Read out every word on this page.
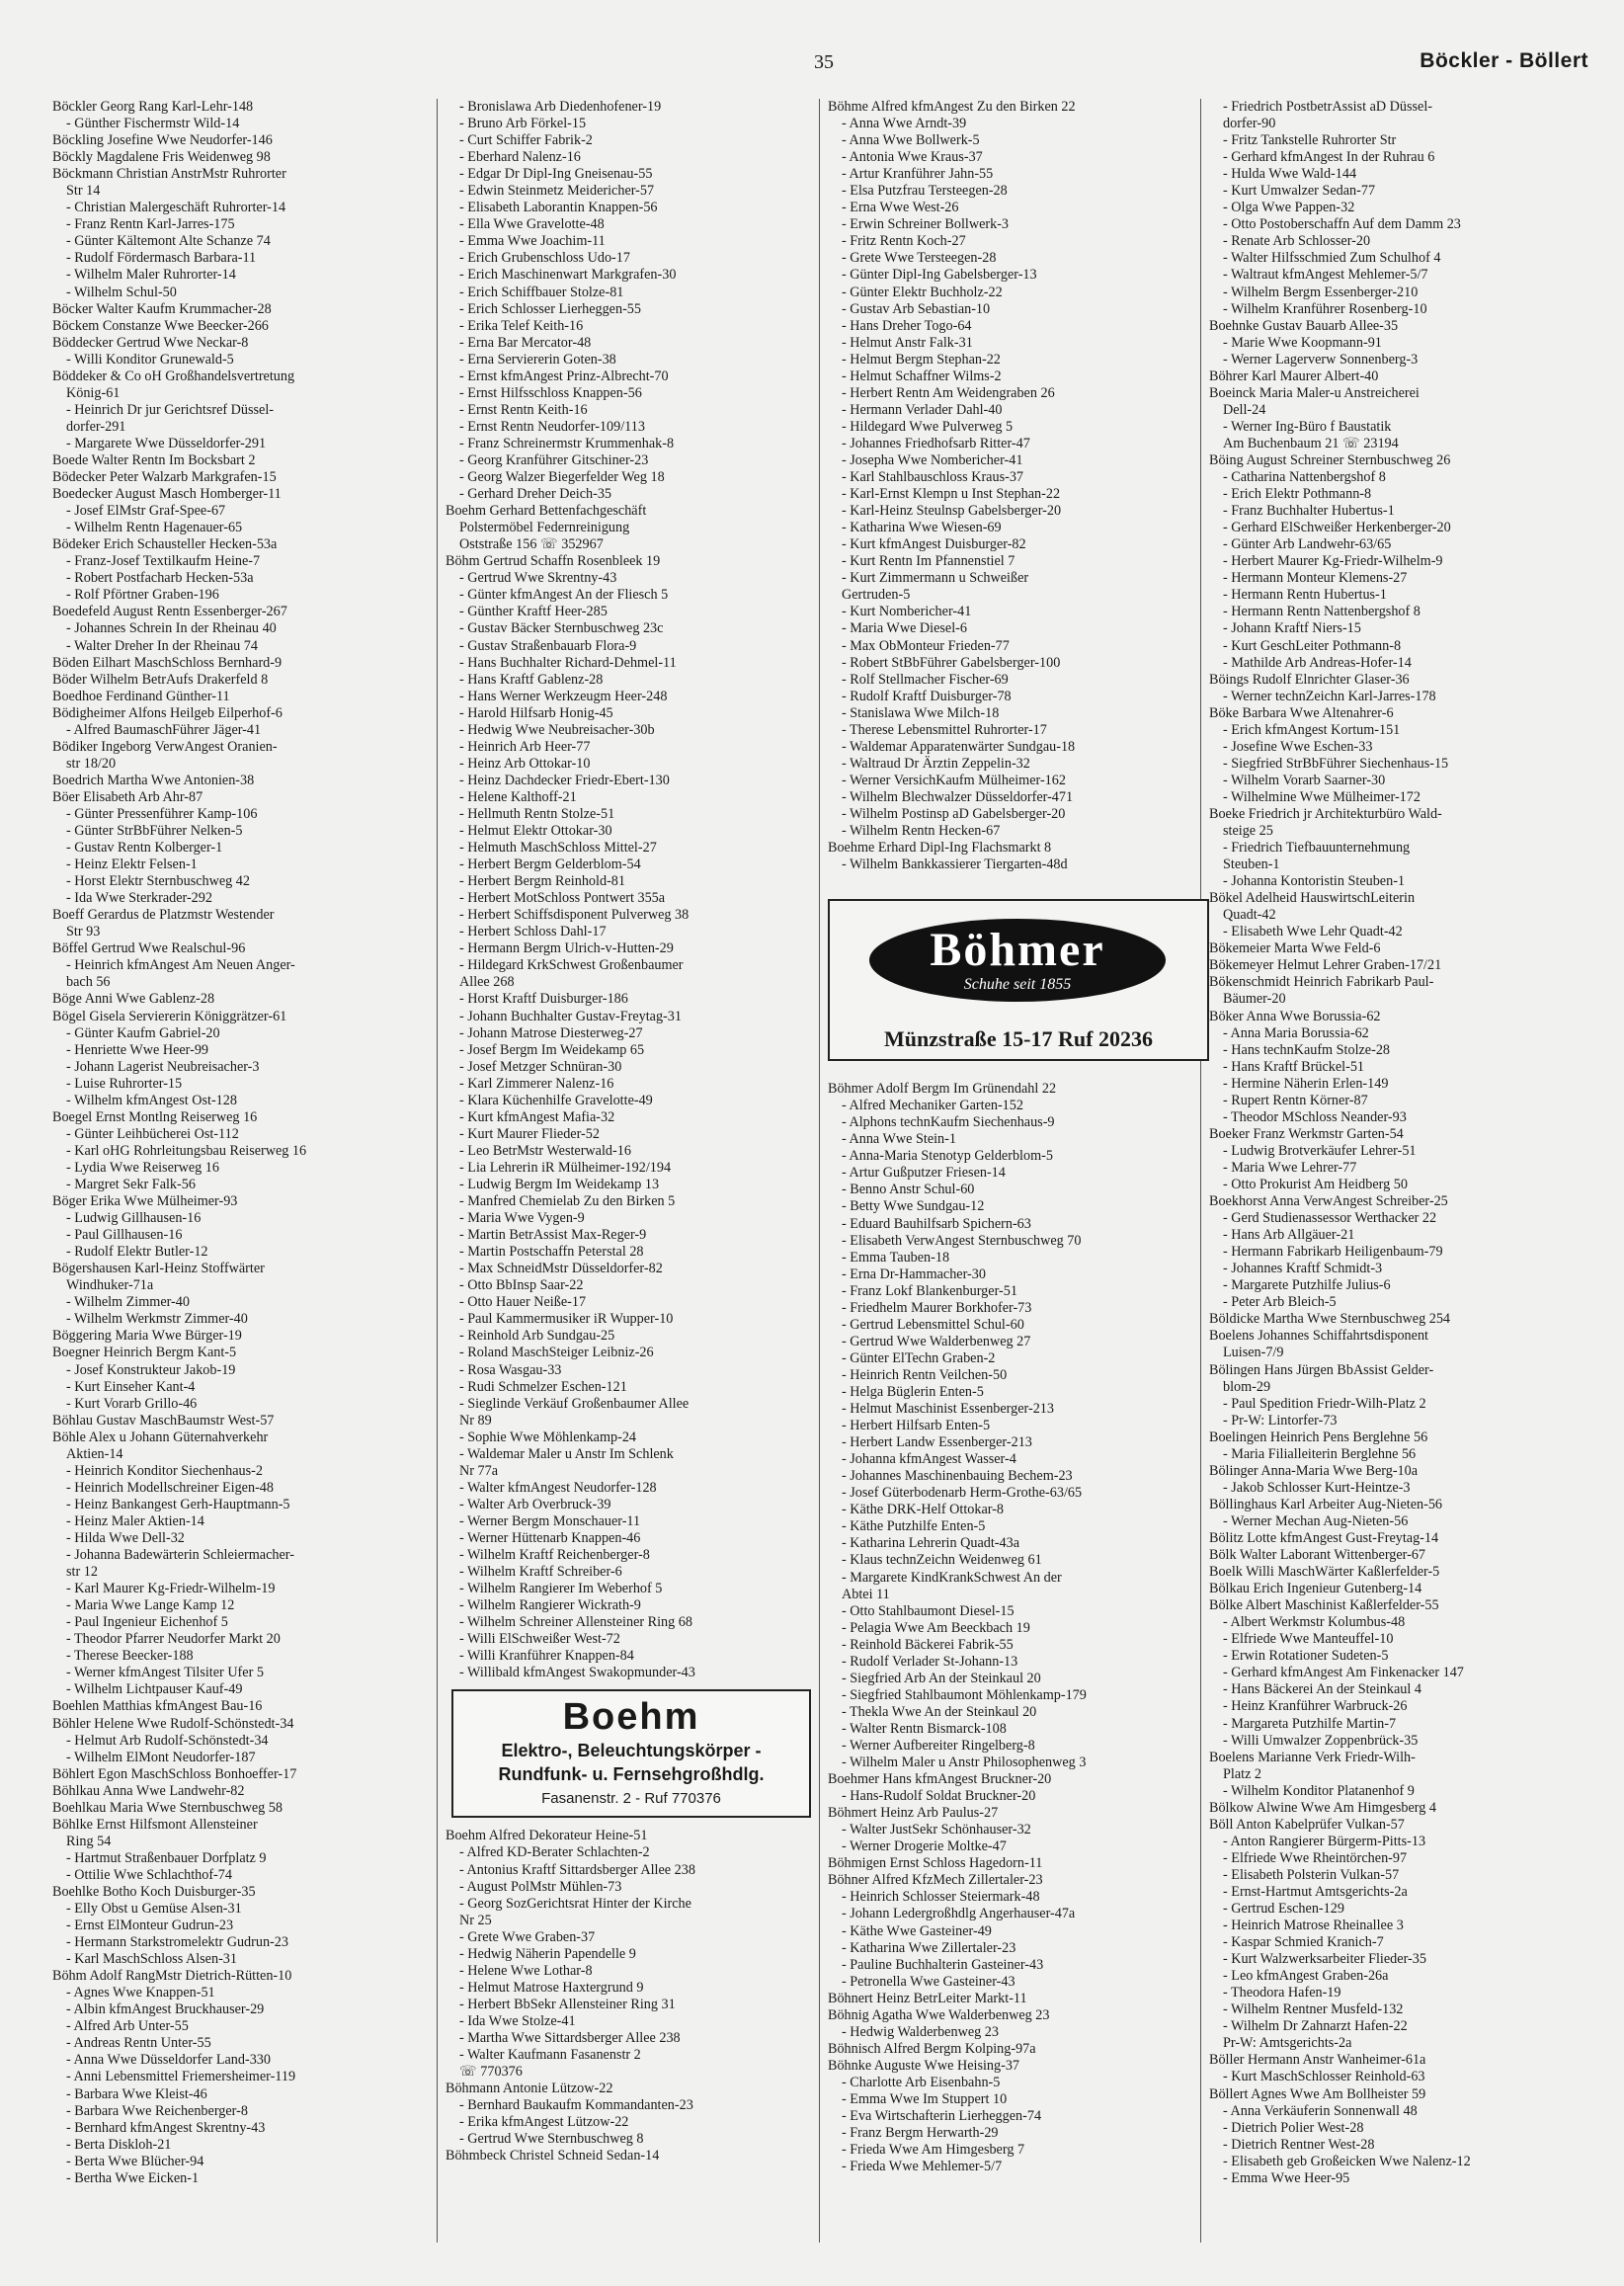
35	Böckler - Böllert
Böckler Georg Rang Karl-Lehr-148
- Günther Fischermstr Wild-14
Böckling Josefine Wwe Neudorfer-146
Böckly Magdalene Fris Weidenweg 98
Böckmann Christian AnstrMstr Ruhrorter
Str 14
- Christian Malergeschäft Ruhrorter-14
- Franz Rentn Karl-Jarres-175
- Günter Kältemont Alte Schanze 74
- Rudolf Fördermasch Barbara-11
- Wilhelm Maler Ruhrorter-14
- Wilhelm Schul-50
Böcker Walter Kaufm Krummacher-28
Böckem Constanze Wwe Beecker-266
Böddecker Gertrud Wwe Neckar-8
- Willi Konditor Grunewald-5
Böddeker & Co oH Großhandelsvertretung
König-61
- Heinrich Dr jur Gerichtsref Düssel-
dorfer-291
- Margarete Wwe Düsseldorfer-291
Boede Walter Rentn Im Bocksbart 2
Bödecker Peter Walzarb Markgrafen-15
Boedecker August Masch Homberger-11
- Josef ElMstr Graf-Spee-67
- Wilhelm Rentn Hagenauer-65
Bödeker Erich Schausteller Hecken-53a
- Franz-Josef Textilkaufm Heine-7
- Robert Postfacharb Hecken-53a
- Rolf Pförtner Graben-196
Boedefeld August Rentn Essenberger-267
- Johannes Schrein In der Rheinau 40
- Walter Dreher In der Rheinau 74
Böden Eilhart MaschSchloss Bernhard-9
Böder Wilhelm BetrAufs Drakerfeld 8
Boedhoe Ferdinand Günther-11
Bödigheimer Alfons Heilgeb Eilperhof-6
- Alfred BaumaschFührer Jäger-41
Bödiker Ingeborg VerwAngest Oranien-
str 18/20
Boedrich Martha Wwe Antonien-38
Böer Elisabeth Arb Ahr-87
- Günter Pressenführer Kamp-106
- Günter StrBbFührer Nelken-5
- Gustav Rentn Kolberger-1
- Heinz Elektr Felsen-1
- Horst Elektr Sternbuschweg 42
- Ida Wwe Sterkrader-292
Boeff Gerardus de Platzmstr Westender
Str 93
Böffel Gertrud Wwe Realschul-96
- Heinrich kfmAngest Am Neuen Anger-
bach 56
Böge Anni Wwe Gablenz-28
Bögel Gisela Serviererin Königgrätzer-61
- Günter Kaufm Gabriel-20
- Henriette Wwe Heer-99
- Johann Lagerist Neubreisacher-3
- Luise Ruhrorter-15
- Wilhelm kfmAngest Ost-128
Boegel Ernst Montlng Reiserweg 16
- Günter Leihbücherei Ost-112
- Karl oHG Rohrleitungsbau Reiserweg 16
- Lydia Wwe Reiserweg 16
- Margret Sekr Falk-56
Böger Erika Wwe Mülheimer-93
- Ludwig Gillhausen-16
- Paul Gillhausen-16
- Rudolf Elektr Butler-12
Bögershausen Karl-Heinz Stoffwärter
Windhuker-71a
- Wilhelm Zimmer-40
- Wilhelm Werkmstr Zimmer-40
Böggering Maria Wwe Bürger-19
Boegner Heinrich Bergm Kant-5
- Josef Konstrukteur Jakob-19
- Kurt Einseher Kant-4
- Kurt Vorarb Grillo-46
Böhlau Gustav MaschBaumstr West-57
Böhle Alex u Johann Güternahverkehr
Aktien-14
- Heinrich Konditor Siechenhaus-2
- Heinrich Modellschreiner Eigen-48
- Heinz Bankangest Gerh-Hauptmann-5
- Heinz Maler Aktien-14
- Hilda Wwe Dell-32
- Johanna Badewärterin Schleiermacher-
str 12
- Karl Maurer Kg-Friedr-Wilhelm-19
- Maria Wwe Lange Kamp 12
- Paul Ingenieur Eichenhof 5
- Theodor Pfarrer Neudorfer Markt 20
- Therese Beecker-188
- Werner kfmAngest Tilsiter Ufer 5
- Wilhelm Lichtpauser Kauf-49
Boehlen Matthias kfmAngest Bau-16
Böhler Helene Wwe Rudolf-Schönstedt-34
- Helmut Arb Rudolf-Schönstedt-34
- Wilhelm ElMont Neudorfer-187
Böhlert Egon MaschSchloss Bonhoeffer-17
Böhlkau Anna Wwe Landwehr-82
Boehlkau Maria Wwe Sternbuschweg 58
Böhlke Ernst Hilfsmont Allensteiner
Ring 54
- Hartmut Straßenbauer Dorfplatz 9
- Ottilie Wwe Schlachthof-74
Boehlke Botho Koch Duisburger-35
- Elly Obst u Gemüse Alsen-31
- Ernst ElMonteur Gudrun-23
- Hermann Starkstromelektr Gudrun-23
- Karl MaschSchloss Alsen-31
Böhm Adolf RangMstr Dietrich-Rütten-10
- Agnes Wwe Knappen-51
- Albin kfmAngest Bruckhauser-29
- Alfred Arb Unter-55
- Andreas Rentn Unter-55
- Anna Wwe Düsseldorfer Land-330
- Anni Lebensmittel Friemersheimer-119
- Barbara Wwe Kleist-46
- Barbara Wwe Reichenberger-8
- Bernhard kfmAngest Skrentny-43
- Berta Diskloh-21
- Berta Wwe Blücher-94
- Bertha Wwe Eicken-1
- Bronislawa Arb Diedenhofener-19
- Bruno Arb Förkel-15
- Curt Schiffer Fabrik-2
- Eberhard Nalenz-16
- Edgar Dr Dipl-Ing Gneisenau-55
- Edwin Steinmetz Meidericher-57
- Elisabeth Laborantin Knappen-56
- Ella Wwe Gravelotte-48
- Emma Wwe Joachim-11
- Erich Grubenschloss Udo-17
- Erich Maschinenwart Markgrafen-30
- Erich Schiffbauer Stolze-81
- Erich Schlosser Lierheggen-55
- Erika Telef Keith-16
- Erna Bar Mercator-48
- Erna Serviererin Goten-38
- Ernst kfmAngest Prinz-Albrecht-70
- Ernst Hilfsschloss Knappen-56
- Ernst Rentn Keith-16
- Ernst Rentn Neudorfer-109/113
- Franz Schreinermstr Krummenhak-8
- Georg Kranführer Gitschiner-23
- Georg Walzer Biegerfelder Weg 18
- Gerhard Dreher Deich-35
Boehm Gerhard Bettenfachgeschäft
Polstermöbel Federnreinigung
Oststraße 156 ☏ 352967
Böhm Gertrud Schaffn Rosenbleek 19
- Gertrud Wwe Skrentny-43
- Günter kfmAngest An der Fliesch 5
- Günther Kraftf Heer-285
- Gustav Bäcker Sternbuschweg 23c
- Gustav Straßenbauarb Flora-9
- Hans Buchhalter Richard-Dehmel-11
- Hans Kraftf Gablenz-28
- Hans Werner Werkzeugm Heer-248
- Harold Hilfsarb Honig-45
- Hedwig Wwe Neubreisacher-30b
- Heinrich Arb Heer-77
- Heinz Arb Ottokar-10
- Heinz Dachdecker Friedr-Ebert-130
- Helene Kalthoff-21
- Hellmuth Rentn Stolze-51
- Helmut Elektr Ottokar-30
- Helmuth MaschSchloss Mittel-27
- Herbert Bergm Gelderblom-54
- Herbert Bergm Reinhold-81
- Herbert MotSchloss Pontwert 355a
- Herbert Schiffsdisponent Pulverweg 38
- Herbert Schloss Dahl-17
- Hermann Bergm Ulrich-v-Hutten-29
- Hildegard KrkSchwest Großenbaumer
Allee 268
- Horst Kraftf Duisburger-186
- Johann Buchhalter Gustav-Freytag-31
- Johann Matrose Diesterweg-27
- Josef Bergm Im Weidekamp 65
- Josef Metzger Schnüran-30
- Karl Zimmerer Nalenz-16
- Klara Küchenhilfe Gravelotte-49
- Kurt kfmAngest Mafia-32
- Kurt Maurer Flieder-52
- Leo BetrMstr Westerwald-16
- Lia Lehrerin iR Mülheimer-192/194
- Ludwig Bergm Im Weidekamp 13
- Manfred Chemielab Zu den Birken 5
- Maria Wwe Vygen-9
- Martin BetrAssist Max-Reger-9
- Martin Postschaffn Peterstal 28
- Max SchneidMstr Düsseldorfer-82
- Otto BbInsp Saar-22
- Otto Hauer Neiße-17
- Paul Kammermusiker iR Wupper-10
- Reinhold Arb Sundgau-25
- Roland MaschSteiger Leibniz-26
- Rosa Wasgau-33
- Rudi Schmelzer Eschen-121
- Sieglinde Verkäuf Großenbaumer Allee
Nr 89
- Sophie Wwe Möhlenkamp-24
- Waldemar Maler u Anstr Im Schlenk
Nr 77a
- Walter kfmAngest Neudorfer-128
- Walter Arb Overbruck-39
- Werner Bergm Monschauer-11
- Werner Hüttenarb Knappen-46
- Wilhelm Kraftf Reichenberger-8
- Wilhelm Kraftf Schreiber-6
- Wilhelm Rangierer Im Weberhof 5
- Wilhelm Rangierer Wickrath-9
- Wilhelm Schreiner Allensteiner Ring 68
- Willi ElSchweißer West-72
- Willi Kranführer Knappen-84
- Willibald kfmAngest Swakopmunder-43
Boehm
Elektro-, Beleuchtungskörper -
Rundfunk- u. Fernsehgroßhdlg.
Fasanenstr. 2 - Ruf 770376
Boehm Alfred Dekorateur Heine-51
- Alfred KD-Berater Schlachten-2
- Antonius Kraftf Sittardsberger Allee 238
- August PolMstr Mühlen-73
- Georg SozGerichtsrat Hinter der Kirche
Nr 25
- Grete Wwe Graben-37
- Hedwig Näherin Papendelle 9
- Helene Wwe Lothar-8
- Helmut Matrose Haxtergrund 9
- Herbert BbSekr Allensteiner Ring 31
- Ida Wwe Stolze-41
- Martha Wwe Sittardsberger Allee 238
- Walter Kaufmann Fasanenstr 2
☏ 770376
Böhmann Antonie Lützow-22
- Bernhard Baukaufm Kommandanten-23
- Erika kfmAngest Lützow-22
- Gertrud Wwe Sternbuschweg 8
Böhmbeck Christel Schneid Sedan-14
Böhme Alfred kfmAngest Zu den Birken 22
- Anna Wwe Arndt-39
- Anna Wwe Bollwerk-5
- Antonia Wwe Kraus-37
- Artur Kranführer Jahn-55
- Elsa Putzfrau Tersteegen-28
- Erna Wwe West-26
- Erwin Schreiner Bollwerk-3
- Fritz Rentn Koch-27
- Grete Wwe Tersteegen-28
- Günter Dipl-Ing Gabelsberger-13
- Günter Elektr Buchholz-22
- Gustav Arb Sebastian-10
- Hans Dreher Togo-64
- Helmut Anstr Falk-31
- Helmut Bergm Stephan-22
- Helmut Schaffner Wilms-2
- Herbert Rentn Am Weidengraben 26
- Hermann Verlader Dahl-40
- Hildegard Wwe Pulverweg 5
- Johannes Friedhofsarb Ritter-47
- Josepha Wwe Nombericher-41
- Karl Stahlbauschloss Kraus-37
- Karl-Ernst Klempn u Inst Stephan-22
- Karl-Heinz Steulnsp Gabelsberger-20
- Katharina Wwe Wiesen-69
- Kurt kfmAngest Duisburger-82
- Kurt Rentn Im Pfannenstiel 7
- Kurt Zimmermann u Schweißer
Gertruden-5
- Kurt Nombericher-41
- Maria Wwe Diesel-6
- Max ObMonteur Frieden-77
- Robert StBbFührer Gabelsberger-100
- Rolf Stellmacher Fischer-69
- Rudolf Kraftf Duisburger-78
- Stanislawa Wwe Milch-18
- Therese Lebensmittel Ruhrorter-17
- Waldemar Apparatenwärter Sundgau-18
- Waltraud Dr Ärztin Zeppelin-32
- Werner VersichKaufm Mülheimer-162
- Wilhelm Blechwalzer Düsseldorfer-471
- Wilhelm Postinsp aD Gabelsberger-20
- Wilhelm Rentn Hecken-67
Boehme Erhard Dipl-Ing Flachsmarkt 8
- Wilhelm Bankkassierer Tiergarten-48d
Böhmer
Schuhe seit 1855
Münzstraße 15-17 Ruf 20236
Böhmer Adolf Bergm Im Grünendahl 22
- Alfred Mechaniker Garten-152
- Alphons technKaufm Siechenhaus-9
- Anna Wwe Stein-1
- Anna-Maria Stenotyp Gelderblom-5
- Artur Gußputzer Friesen-14
- Benno Anstr Schul-60
- Betty Wwe Sundgau-12
- Eduard Bauhilfsarb Spichern-63
- Elisabeth VerwAngest Sternbuschweg 70
- Emma Tauben-18
- Erna Dr-Hammacher-30
- Franz Lokf Blankenburger-51
- Friedhelm Maurer Borkhofer-73
- Gertrud Lebensmittel Schul-60
- Gertrud Wwe Walderbenweg 27
- Günter ElTechn Graben-2
- Heinrich Rentn Veilchen-50
- Helga Büglerin Enten-5
- Helmut Maschinist Essenberger-213
- Herbert Hilfsarb Enten-5
- Herbert Landw Essenberger-213
- Johanna kfmAngest Wasser-4
- Johannes Maschinenbauing Bechem-23
- Josef Güterbodenarb Herm-Grothe-63/65
- Käthe DRK-Helf Ottokar-8
- Käthe Putzhilfe Enten-5
- Katharina Lehrerin Quadt-43a
- Klaus technZeichn Weidenweg 61
- Margarete KindKrankSchwest An der
Abtei 11
- Otto Stahlbaumont Diesel-15
- Pelagia Wwe Am Beeckbach 19
- Reinhold Bäckerei Fabrik-55
- Rudolf Verlader St-Johann-13
- Siegfried Arb An der Steinkaul 20
- Siegfried Stahlbaumont Möhlenkamp-179
- Thekla Wwe An der Steinkaul 20
- Walter Rentn Bismarck-108
- Werner Aufbereiter Ringelberg-8
- Wilhelm Maler u Anstr Philosophenweg 3
Boehmer Hans kfmAngest Bruckner-20
- Hans-Rudolf Soldat Bruckner-20
Böhmert Heinz Arb Paulus-27
- Walter JustSekr Schönhauser-32
- Werner Drogerie Moltke-47
Böhmigen Ernst Schloss Hagedorn-11
Böhner Alfred KfzMech Zillertaler-23
- Heinrich Schlosser Steiermark-48
- Johann Ledergroßhdlg Angerhauser-47a
- Käthe Wwe Gasteiner-49
- Katharina Wwe Zillertaler-23
- Pauline Buchhalterin Gasteiner-43
- Petronella Wwe Gasteiner-43
Böhnert Heinz BetrLeiter Markt-11
Böhnig Agatha Wwe Walderbenweg 23
- Hedwig Walderbenweg 23
Böhnisch Alfred Bergm Kolping-97a
Böhnke Auguste Wwe Heising-37
- Charlotte Arb Eisenbahn-5
- Emma Wwe Im Stuppert 10
- Eva Wirtschafterin Lierheggen-74
- Franz Bergm Herwarth-29
- Frieda Wwe Am Himgesberg 7
- Frieda Wwe Mehlemer-5/7
- Friedrich PostbetrAssist aD Düssel-
dorfer-90
- Fritz Tankstelle Ruhrorter Str
- Gerhard kfmAngest In der Ruhrau 6
- Hulda Wwe Wald-144
- Kurt Umwalzer Sedan-77
- Olga Wwe Pappen-32
- Otto Postoberschaffn Auf dem Damm 23
- Renate Arb Schlosser-20
- Walter Hilfsschmied Zum Schulhof 4
- Waltraut kfmAngest Mehlemer-5/7
- Wilhelm Bergm Essenberger-210
- Wilhelm Kranführer Rosenberg-10
Boehnke Gustav Bauarb Allee-35
- Marie Wwe Koopmann-91
- Werner Lagerverw Sonnenberg-3
Böhrer Karl Maurer Albert-40
Boeinck Maria Maler-u Anstreicherei
Dell-24
- Werner Ing-Büro f Baustatik
Am Buchenbaum 21 ☏ 23194
Böing August Schreiner Sternbuschweg 26
- Catharina Nattenbergshof 8
- Erich Elektr Pothmann-8
- Franz Buchhalter Hubertus-1
- Gerhard ElSchweißer Herkenberger-20
- Günter Arb Landwehr-63/65
- Herbert Maurer Kg-Friedr-Wilhelm-9
- Hermann Monteur Klemens-27
- Hermann Rentn Hubertus-1
- Hermann Rentn Nattenbergshof 8
- Johann Kraftf Niers-15
- Kurt GeschLeiter Pothmann-8
- Mathilde Arb Andreas-Hofer-14
Böings Rudolf Elnrichter Glaser-36
- Werner technZeichn Karl-Jarres-178
Böke Barbara Wwe Altenahrer-6
- Erich kfmAngest Kortum-151
- Josefine Wwe Eschen-33
- Siegfried StrBbFührer Siechenhaus-15
- Wilhelm Vorarb Saarner-30
- Wilhelmine Wwe Mülheimer-172
Boeke Friedrich jr Architekturbüro Wald-
steige 25
- Friedrich Tiefbauunternehmung
Steuben-1
- Johanna Kontoristin Steuben-1
Bökel Adelheid HauswirtschLeiterin
Quadt-42
- Elisabeth Wwe Lehr Quadt-42
Bökemeier Marta Wwe Feld-6
Bökemeyer Helmut Lehrer Graben-17/21
Bökenschmidt Heinrich Fabrikarb Paul-
Bäumer-20
Böker Anna Wwe Borussia-62
- Anna Maria Borussia-62
- Hans technKaufm Stolze-28
- Hans Kraftf Brückel-51
- Hermine Näherin Erlen-149
- Rupert Rentn Körner-87
- Theodor MSchloss Neander-93
Boeker Franz Werkmstr Garten-54
- Ludwig Brotverkäufer Lehrer-51
- Maria Wwe Lehrer-77
- Otto Prokurist Am Heidberg 50
Boekhorst Anna VerwAngest Schreiber-25
- Gerd Studienassessor Werthacker 22
- Hans Arb Allgäuer-21
- Hermann Fabrikarb Heiligenbaum-79
- Johannes Kraftf Schmidt-3
- Margarete Putzhilfe Julius-6
- Peter Arb Bleich-5
Böldicke Martha Wwe Sternbuschweg 254
Boelens Johannes Schiffahrtsdisponent
Luisen-7/9
Bölingen Hans Jürgen BbAssist Gelder-
blom-29
- Paul Spedition Friedr-Wilh-Platz 2
- Pr-W: Lintorfer-73
Boelingen Heinrich Pens Berglehne 56
- Maria Filialleiterin Berglehne 56
Bölinger Anna-Maria Wwe Berg-10a
- Jakob Schlosser Kurt-Heintze-3
Böllinghaus Karl Arbeiter Aug-Nieten-56
- Werner Mechan Aug-Nieten-56
Bölitz Lotte kfmAngest Gust-Freytag-14
Bölk Walter Laborant Wittenberger-67
Boelk Willi MaschWärter Kaßlerfelder-5
Bölkau Erich Ingenieur Gutenberg-14
Bölke Albert Maschinist Kaßlerfelder-55
- Albert Werkmstr Kolumbus-48
- Elfriede Wwe Manteuffel-10
- Erwin Rotationer Sudeten-5
- Gerhard kfmAngest Am Finkenacker 147
- Hans Bäckerei An der Steinkaul 4
- Heinz Kranführer Warbruck-26
- Margareta Putzhilfe Martin-7
- Willi Umwalzer Zoppenbrück-35
Boelens Marianne Verk Friedr-Wilh-
Platz 2
- Wilhelm Konditor Platanenhof 9
Bölkow Alwine Wwe Am Himgesberg 4
Böll Anton Kabelprüfer Vulkan-57
- Anton Rangierer Bürgerm-Pitts-13
- Elfriede Wwe Rheintörchen-97
- Elisabeth Polsterin Vulkan-57
- Ernst-Hartmut Amtsgerichts-2a
- Gertrud Eschen-129
- Heinrich Matrose Rheinallee 3
- Kaspar Schmied Kranich-7
- Kurt Walzwerksarbeiter Flieder-35
- Leo kfmAngest Graben-26a
- Theodora Hafen-19
- Wilhelm Rentner Musfeld-132
- Wilhelm Dr Zahnarzt Hafen-22
Pr-W: Amtsgerichts-2a
Böller Hermann Anstr Wanheimer-61a
- Kurt MaschSchlosser Reinhold-63
Böllert Agnes Wwe Am Bollheister 59
- Anna Verkäuferin Sonnenwall 48
- Dietrich Polier West-28
- Dietrich Rentner West-28
- Elisabeth geb Großeicken Wwe Nalenz-12
- Emma Wwe Heer-95
